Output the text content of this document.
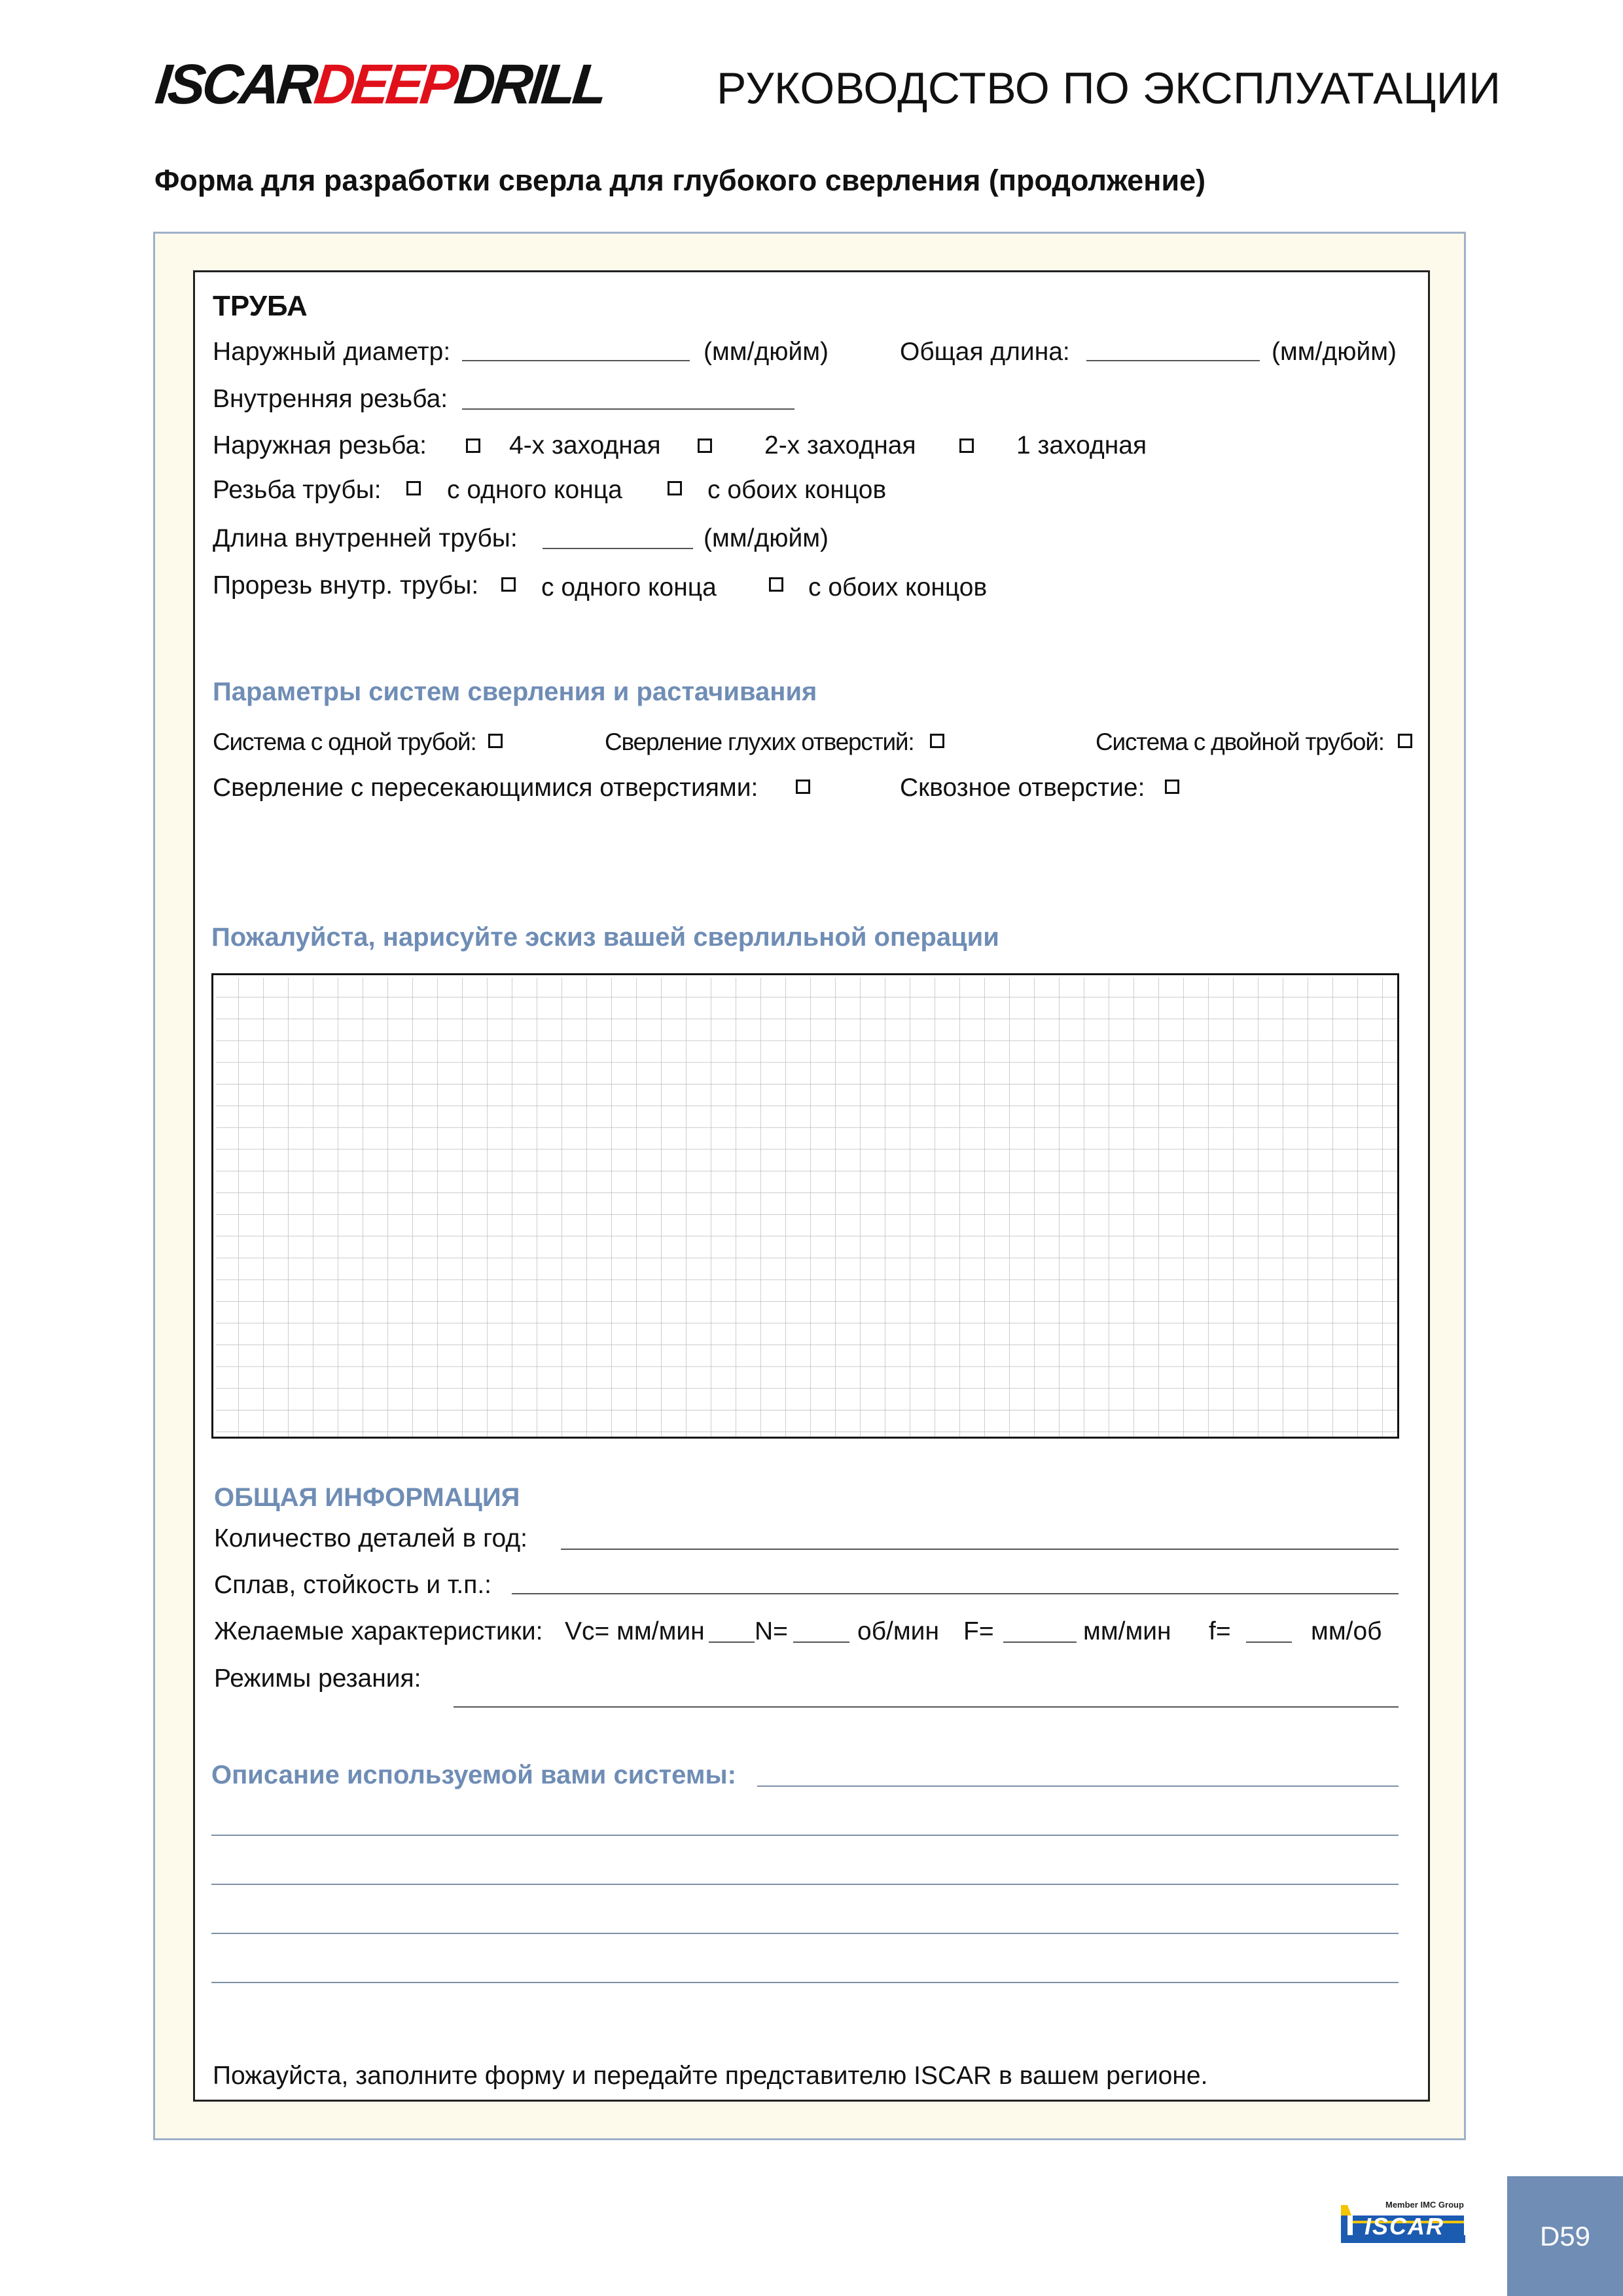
ISCAR
DEEP
DRILL РУКОВОДСТВО ПО ЭКСПЛУАТАЦИИ
Форма для разработки сверла для глубокого сверления (продолжение)
ТРУБА
Наружный диаметр:	(мм/дюйм)	Общая длина:	(мм/дюйм)
Внутренняя резьба:
Наружная резьба:	4-х заходная	2-х заходная	1 заходная
Резьба трубы:	с одного конца	с обоих концов
Длина внутренней трубы:	(мм/дюйм)
Прорезь внутр. трубы: с одного конца	с обоих концов
Параметры систем сверления и растачивания
Система с одной трубой:	Сверление глухих отверстий:	Система с двойной трубой:
Сверление с пересекающимися отверстиями:	Сквозное отверстие:
Пожалуйста, нарисуйте эскиз вашей сверлильной операции
ОБЩАЯ ИНФОРМАЦИЯ
Количество деталей в год:
Сплав, стойкость и т.п.:
Желаемые характеристики: Vc= мм/мин N=	об/мин F=	мм/мин f=	мм/об
Режимы резания:
Описание используемой вами системы:
Пожауйста, заполните форму и передайте представителю ISCAR в вашем регионе.
Member IMC Group
ISCAR	D59
